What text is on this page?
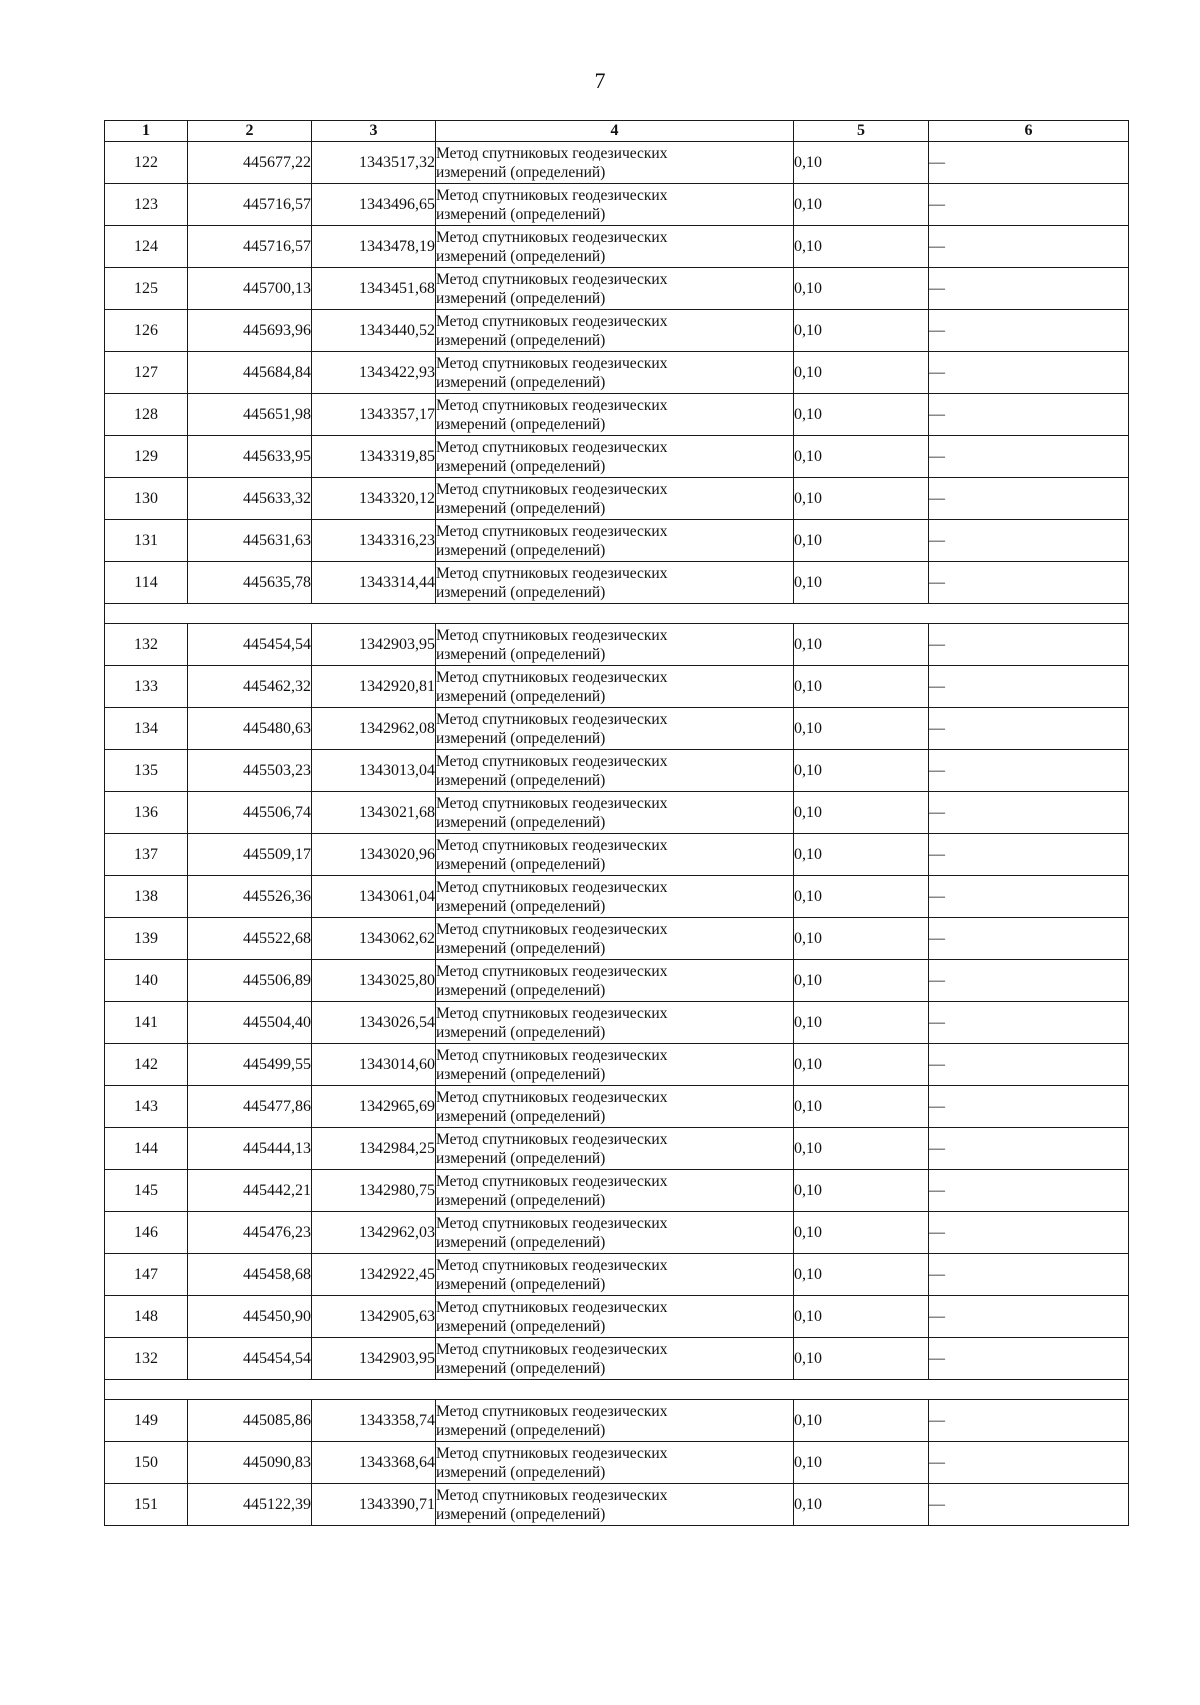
7
1	2	3	4	5	6
122	445677,22	1343517,32	Метод спутниковых геодезических
измерений (определений)	0,10	—
123	445716,57	1343496,65	Метод спутниковых геодезических
измерений (определений)	0,10	—
124	445716,57	1343478,19	Метод спутниковых геодезических
измерений (определений)	0,10	—
125	445700,13	1343451,68	Метод спутниковых геодезических
измерений (определений)	0,10	—
126	445693,96	1343440,52	Метод спутниковых геодезических
измерений (определений)	0,10	—
127	445684,84	1343422,93	Метод спутниковых геодезических
измерений (определений)	0,10	—
128	445651,98	1343357,17	Метод спутниковых геодезических
измерений (определений)	0,10	—
129	445633,95	1343319,85	Метод спутниковых геодезических
измерений (определений)	0,10	—
130	445633,32	1343320,12	Метод спутниковых геодезических
измерений (определений)	0,10	—
131	445631,63	1343316,23	Метод спутниковых геодезических
измерений (определений)	0,10	—
114	445635,78	1343314,44	Метод спутниковых геодезических
измерений (определений)	0,10	—

132	445454,54	1342903,95	Метод спутниковых геодезических
измерений (определений)	0,10	—
133	445462,32	1342920,81	Метод спутниковых геодезических
измерений (определений)	0,10	—
134	445480,63	1342962,08	Метод спутниковых геодезических
измерений (определений)	0,10	—
135	445503,23	1343013,04	Метод спутниковых геодезических
измерений (определений)	0,10	—
136	445506,74	1343021,68	Метод спутниковых геодезических
измерений (определений)	0,10	—
137	445509,17	1343020,96	Метод спутниковых геодезических
измерений (определений)	0,10	—
138	445526,36	1343061,04	Метод спутниковых геодезических
измерений (определений)	0,10	—
139	445522,68	1343062,62	Метод спутниковых геодезических
измерений (определений)	0,10	—
140	445506,89	1343025,80	Метод спутниковых геодезических
измерений (определений)	0,10	—
141	445504,40	1343026,54	Метод спутниковых геодезических
измерений (определений)	0,10	—
142	445499,55	1343014,60	Метод спутниковых геодезических
измерений (определений)	0,10	—
143	445477,86	1342965,69	Метод спутниковых геодезических
измерений (определений)	0,10	—
144	445444,13	1342984,25	Метод спутниковых геодезических
измерений (определений)	0,10	—
145	445442,21	1342980,75	Метод спутниковых геодезических
измерений (определений)	0,10	—
146	445476,23	1342962,03	Метод спутниковых геодезических
измерений (определений)	0,10	—
147	445458,68	1342922,45	Метод спутниковых геодезических
измерений (определений)	0,10	—
148	445450,90	1342905,63	Метод спутниковых геодезических
измерений (определений)	0,10	—
132	445454,54	1342903,95	Метод спутниковых геодезических
измерений (определений)	0,10	—

149	445085,86	1343358,74	Метод спутниковых геодезических
измерений (определений)	0,10	—
150	445090,83	1343368,64	Метод спутниковых геодезических
измерений (определений)	0,10	—
151	445122,39	1343390,71	Метод спутниковых геодезических
измерений (определений)	0,10	—
